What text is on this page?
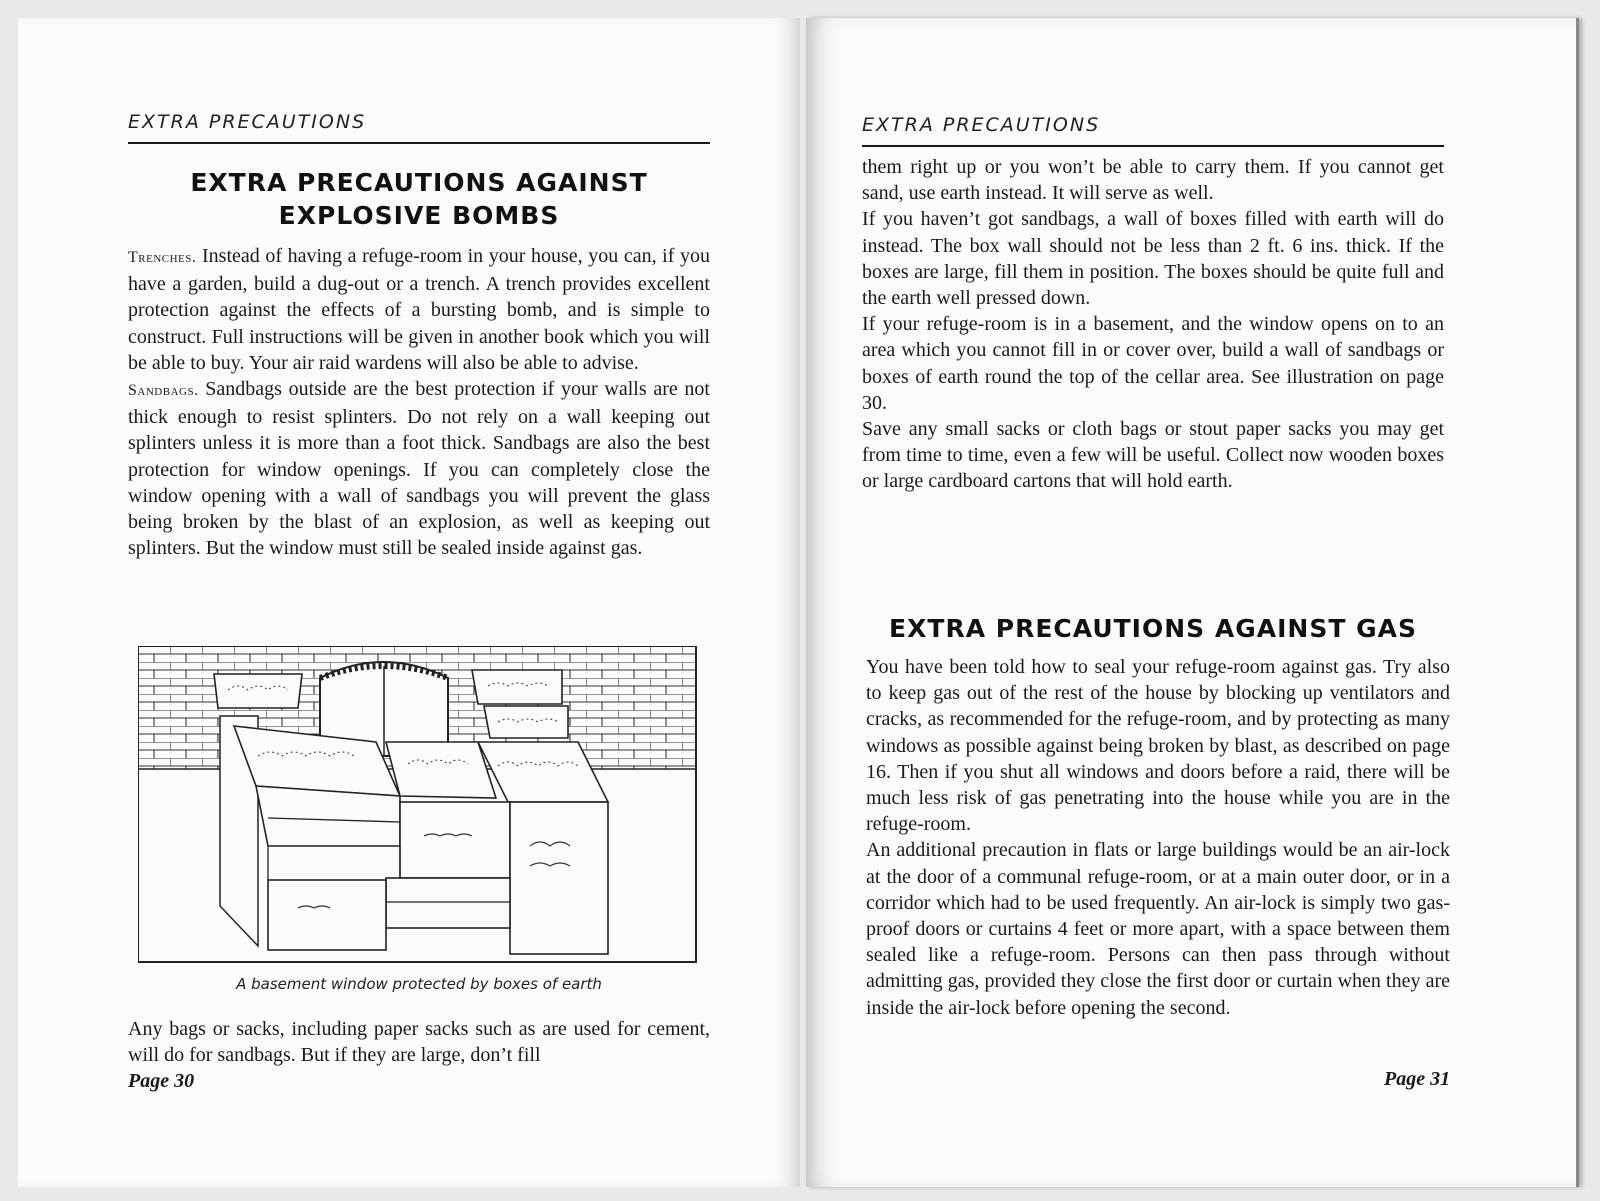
EXTRA PRECAUTIONS
EXTRA PRECAUTIONS AGAINST
EXPLOSIVE BOMBS

Trenches. Instead of having a refuge-room in your house, you can, if you have a garden, build a dug-out or a trench. A trench provides excellent protection against the effects of a bursting bomb, and is simple to construct. Full instructions will be given in another book which you will be able to buy. Your air raid wardens will also be able to advise.

Sandbags. Sandbags outside are the best protection if your walls are not thick enough to resist splinters. Do not rely on a wall keeping out splinters unless it is more than a foot thick. Sandbags are also the best protection for window openings. If you can completely close the window opening with a wall of sandbags you will prevent the glass being broken by the blast of an explosion, as well as keeping out splinters. But the window must still be sealed inside against gas.

A basement window protected by boxes of earth

Any bags or sacks, including paper sacks such as are used for cement, will do for sandbags. But if they are large, don’t fill

Page 30
EXTRA PRECAUTIONS

them right up or you won’t be able to carry them. If you cannot get sand, use earth instead. It will serve as well.

If you haven’t got sandbags, a wall of boxes filled with earth will do instead. The box wall should not be less than 2 ft. 6 ins. thick. If the boxes are large, fill them in position. The boxes should be quite full and the earth well pressed down.

If your refuge-room is in a basement, and the window opens on to an area which you cannot fill in or cover over, build a wall of sandbags or boxes of earth round the top of the cellar area. See illustration on page 30.

Save any small sacks or cloth bags or stout paper sacks you may get from time to time, even a few will be useful. Collect now wooden boxes or large cardboard cartons that will hold earth.

EXTRA PRECAUTIONS AGAINST GAS

You have been told how to seal your refuge-room against gas. Try also to keep gas out of the rest of the house by blocking up ventilators and cracks, as recommended for the refuge-room, and by protecting as many windows as possible against being broken by blast, as described on page 16. Then if you shut all windows and doors before a raid, there will be much less risk of gas penetrating into the house while you are in the refuge-room.

An additional precaution in flats or large buildings would be an air-lock at the door of a communal refuge-room, or at a main outer door, or in a corridor which had to be used frequently. An air-lock is simply two gas-proof doors or curtains 4 feet or more apart, with a space between them sealed like a refuge-room. Persons can then pass through without admitting gas, provided they close the first door or curtain when they are inside the air-lock before opening the second.

Page 31
